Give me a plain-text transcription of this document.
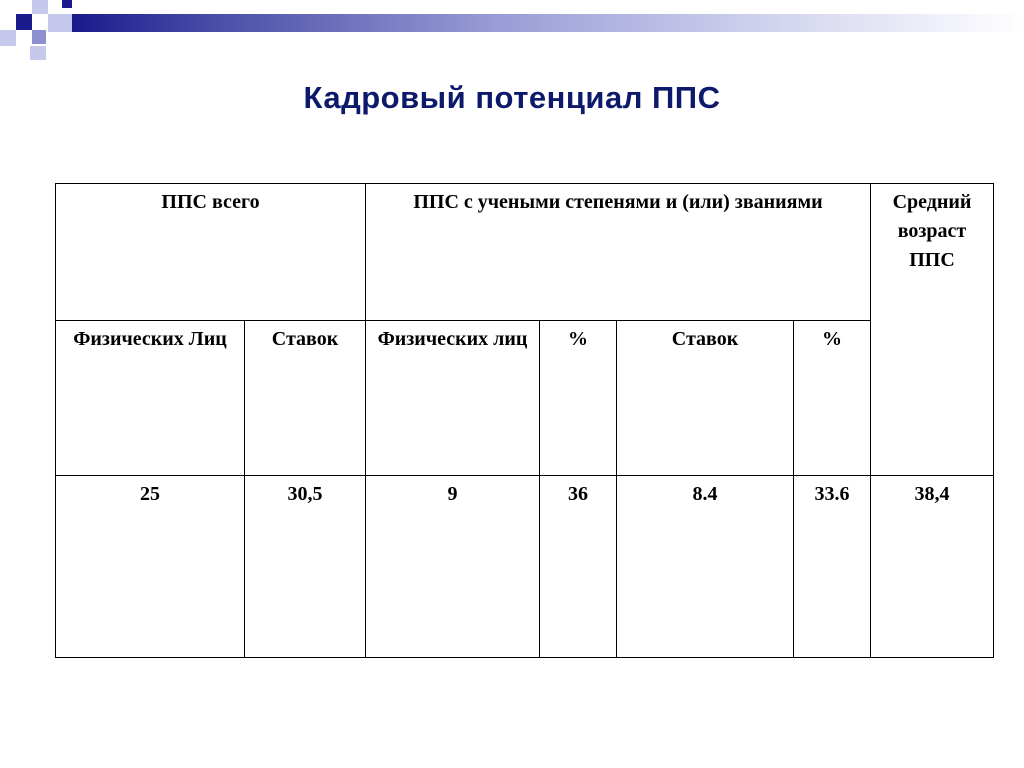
Кадровый потенциал ППС
ППС всего		ППС с учеными степенями и (или) званиями				Средний возраст ППС
Физических Лиц	Ставок	Физических лиц	%	Ставок	%	
25	30,5	9	36	8.4	33.6	38,4
